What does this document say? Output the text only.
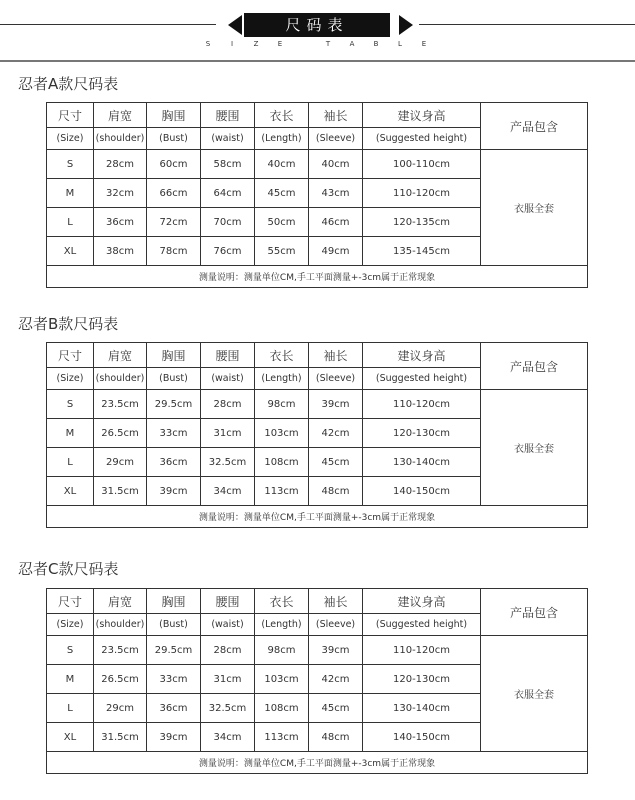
尺码表
S	I	Z E	T A B L E
忍者A款尺码表
尺寸	肩宽	胸围	腰围	衣长	袖长	建议身高	产品包含
(Size)	(shoulder)	(Bust)	(waist)	(Length)	(Sleeve)	(Suggested height)	
S	28cm	60cm	58cm	40cm	40cm	100-110cm	衣服全套
M	32cm	66cm	64cm	45cm	43cm	110-120cm	
L	36cm	72cm	70cm	50cm	46cm	120-135cm	
XL	38cm	78cm	76cm	55cm	49cm	135-145cm	
测量说明：测量单位CM,手工平面测量+-3cm属于正常现象							
忍者B款尺码表
尺寸	肩宽	胸围	腰围	衣长	袖长	建议身高	产品包含
(Size)	(shoulder)	(Bust)	(waist)	(Length)	(Sleeve)	(Suggested height)	
S	23.5cm	29.5cm	28cm	98cm	39cm	110-120cm	衣服全套
M	26.5cm	33cm	31cm	103cm	42cm	120-130cm	
L	29cm	36cm	32.5cm	108cm	45cm	130-140cm	
XL	31.5cm	39cm	34cm	113cm	48cm	140-150cm	
测量说明：测量单位CM,手工平面测量+-3cm属于正常现象							
忍者C款尺码表
尺寸	肩宽	胸围	腰围	衣长	袖长	建议身高	产品包含
(Size)	(shoulder)	(Bust)	(waist)	(Length)	(Sleeve)	(Suggested height)	
S	23.5cm	29.5cm	28cm	98cm	39cm	110-120cm	衣服全套
M	26.5cm	33cm	31cm	103cm	42cm	120-130cm	
L	29cm	36cm	32.5cm	108cm	45cm	130-140cm	
XL	31.5cm	39cm	34cm	113cm	48cm	140-150cm	
测量说明：测量单位CM,手工平面测量+-3cm属于正常现象							
